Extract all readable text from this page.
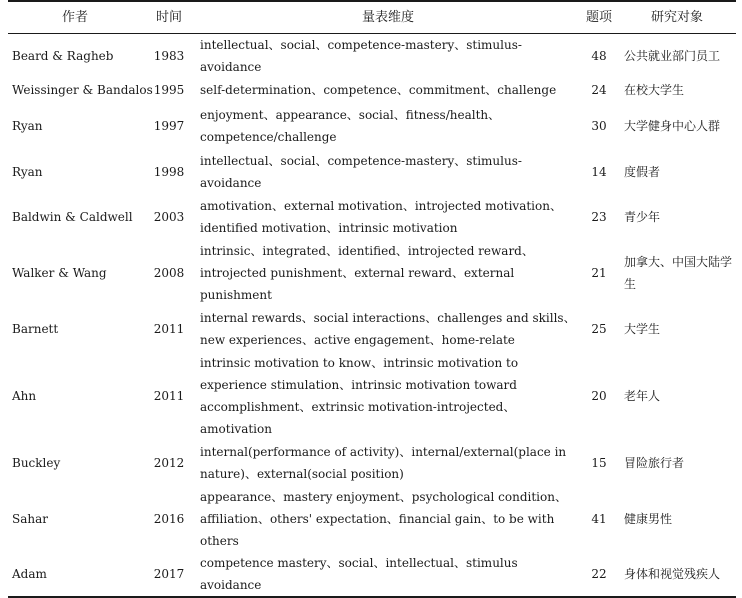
作者	时间	量表维度	题项	研究对象
Beard & Ragheb	1983	intellectual、social、competence-mastery、stimulus-avoidance	48	公共就业部门员工
Weissinger & Bandalos	1995	self-determination、competence、commitment、challenge	24	在校大学生
Ryan	1997	enjoyment、appearance、social、fitness/health、competence/challenge	30	大学健身中心人群
Ryan	1998	intellectual、social、competence-mastery、stimulus-avoidance	14	度假者
Baldwin & Caldwell	2003	amotivation、external motivation、introjected motivation、identified motivation、intrinsic motivation	23	青少年
Walker & Wang	2008	intrinsic、integrated、identified、introjected reward、introjected punishment、external reward、external punishment	21	加拿大、中国大陆学生
Barnett	2011	internal rewards、social interactions、challenges and skills、new experiences、active engagement、home-relate	25	大学生
Ahn	2011	intrinsic motivation to know、intrinsic motivation to experience stimulation、intrinsic motivation toward accomplishment、extrinsic motivation-introjected、amotivation	20	老年人
Buckley	2012	internal(performance of activity)、internal/external(place in nature)、external(social position)	15	冒险旅行者
Sahar	2016	appearance、mastery enjoyment、psychological condition、affiliation、others' expectation、financial gain、to be with others	41	健康男性
Adam	2017	competence mastery、social、intellectual、stimulus avoidance	22	身体和视觉残疾人
